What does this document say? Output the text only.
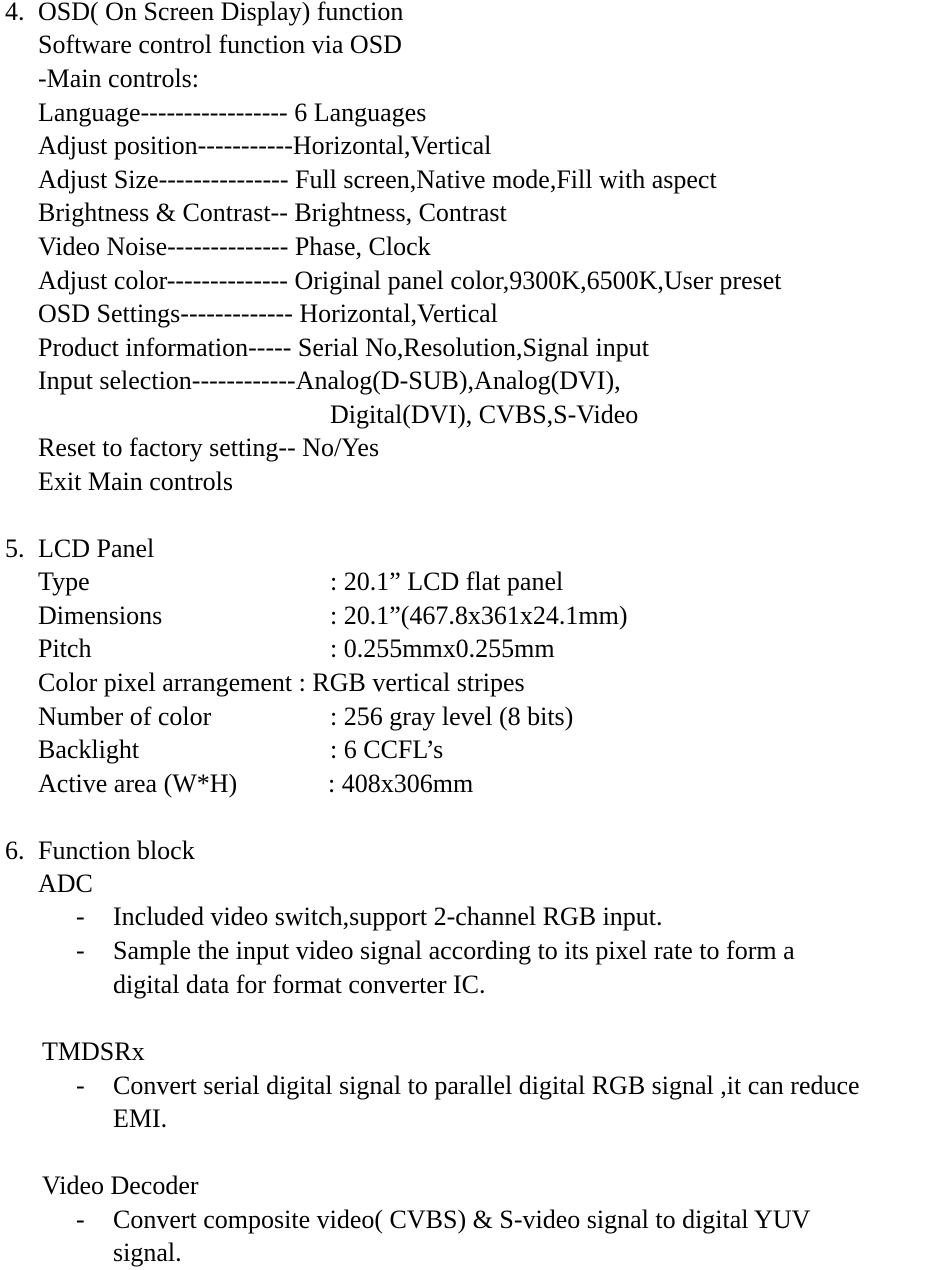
4. OSD( On Screen Display) function
Software control function via OSD
-Main controls:
Language----------------- 6 Languages
Adjust position-----------Horizontal,Vertical
Adjust Size--------------- Full screen,Native mode,Fill with aspect
Brightness & Contrast-- Brightness, Contrast
Video Noise-------------- Phase, Clock
Adjust color-------------- Original panel color,9300K,6500K,User preset
OSD Settings------------- Horizontal,Vertical
Product information----- Serial No,Resolution,Signal input
Input selection------------Analog(D-SUB),Analog(DVI),
Digital(DVI), CVBS,S-Video
Reset to factory setting-- No/Yes
Exit Main controls
5. LCD Panel
Type	: 20.1” LCD flat panel
Dimensions	: 20.1”(467.8x361x24.1mm)
Pitch	: 0.255mmx0.255mm
Color pixel arrangement : RGB vertical stripes
Number of color	: 256 gray level (8 bits)
Backlight	: 6 CCFL’s
Active area (W*H)	: 408x306mm
6. Function block
ADC
- Included video switch,support 2-channel RGB input.
- Sample the input video signal according to its pixel rate to form a
digital data for format converter IC.
TMDSRx
- Convert serial digital signal to parallel digital RGB signal ,it can reduce
EMI.
Video Decoder
- Convert composite video( CVBS) & S-video signal to digital YUV
signal.
